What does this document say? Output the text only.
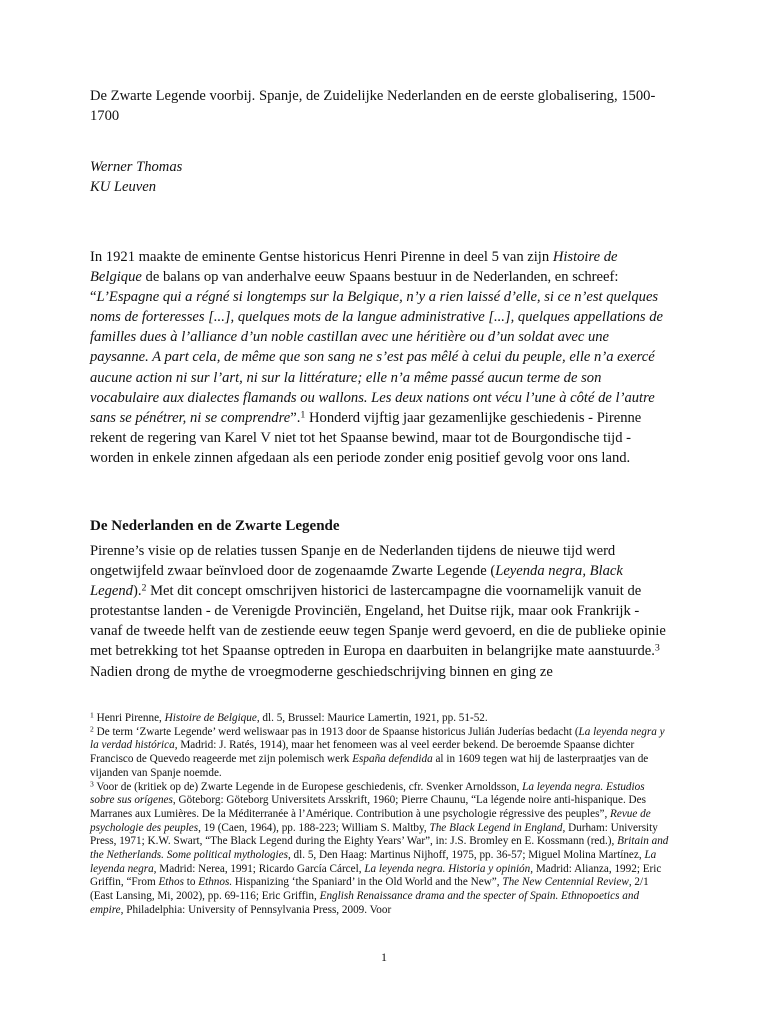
De Zwarte Legende voorbij. Spanje, de Zuidelijke Nederlanden en de eerste globalisering, 1500-1700

Werner Thomas

KU Leuven

In 1921 maakte de eminente Gentse historicus Henri Pirenne in deel 5 van zijn Histoire de Belgique de balans op van anderhalve eeuw Spaans bestuur in de Nederlanden, en schreef: “L’Espagne qui a régné si longtemps sur la Belgique, n’y a rien laissé d’elle, si ce n’est quelques noms de forteresses [...], quelques mots de la langue administrative [...], quelques appellations de familles dues à l’alliance d’un noble castillan avec une héritière ou d’un soldat avec une paysanne. A part cela, de même que son sang ne s’est pas mêlé à celui du peuple, elle n’a exercé aucune action ni sur l’art, ni sur la littérature; elle n’a même passé aucun terme de son vocabulaire aux dialectes flamands ou wallons. Les deux nations ont vécu l’une à côté de l’autre sans se pénétrer, ni se comprendre”.$^1$ Honderd vijftig jaar gezamenlijke geschiedenis - Pirenne rekent de regering van Karel V niet tot het Spaanse bewind, maar tot de Bourgondische tijd - worden in enkele zinnen afgedaan als een periode zonder enig positief gevolg voor ons land.

De Nederlanden en de Zwarte Legende

Pirenne’s visie op de relaties tussen Spanje en de Nederlanden tijdens de nieuwe tijd werd ongetwijfeld zwaar beïnvloed door de zogenaamde Zwarte Legende (Leyenda negra, Black Legend).$^2$ Met dit concept omschrijven historici de lastercampagne die voornamelijk vanuit de protestantse landen - de Verenigde Provinciën, Engeland, het Duitse rijk, maar ook Frankrijk - vanaf de tweede helft van de zestiende eeuw tegen Spanje werd gevoerd, en die de publieke opinie met betrekking tot het Spaanse optreden in Europa en daarbuiten in belangrijke mate aanstuurde.$^3$ Nadien drong de mythe de vroegmoderne geschiedschrijving binnen en ging ze

$^1$ Henri Pirenne, Histoire de Belgique, dl. 5, Brussel: Maurice Lamertin, 1921, pp. 51-52.

$^2$ De term ‘Zwarte Legende’ werd weliswaar pas in 1913 door de Spaanse historicus Julián Juderías bedacht (La leyenda negra y la verdad histórica, Madrid: J. Ratés, 1914), maar het fenomeen was al veel eerder bekend. De beroemde Spaanse dichter Francisco de Quevedo reageerde met zijn polemisch werk España defendida al in 1609 tegen wat hij de lasterpraatjes van de vijanden van Spanje noemde.

$^3$ Voor de (kritiek op de) Zwarte Legende in de Europese geschiedenis, cfr. Svenker Arnoldsson, La leyenda negra. Estudios sobre sus orígenes, Göteborg: Göteborg Universitets Arsskrift, 1960; Pierre Chaunu, “La légende noire anti-hispanique. Des Marranes aux Lumières. De la Méditerranée à l’Amérique. Contribution à une psychologie régressive des peuples”, Revue de psychologie des peuples, 19 (Caen, 1964), pp. 188-223; William S. Maltby, The Black Legend in England, Durham: University Press, 1971; K.W. Swart, “The Black Legend during the Eighty Years’ War”, in: J.S. Bromley en E. Kossmann (red.), Britain and the Netherlands. Some political mythologies, dl. 5, Den Haag: Martinus Nijhoff, 1975, pp. 36-57; Miguel Molina Martínez, La leyenda negra, Madrid: Nerea, 1991; Ricardo García Cárcel, La leyenda negra. Historia y opinión, Madrid: Alianza, 1992; Eric Griffin, “From Ethos to Ethnos. Hispanizing ‘the Spaniard’ in the Old World and the New”, The New Centennial Review, 2/1 (East Lansing, Mi, 2002), pp. 69-116; Eric Griffin, English Renaissance drama and the specter of Spain. Ethnopoetics and empire, Philadelphia: University of Pennsylvania Press, 2009. Voor

1
